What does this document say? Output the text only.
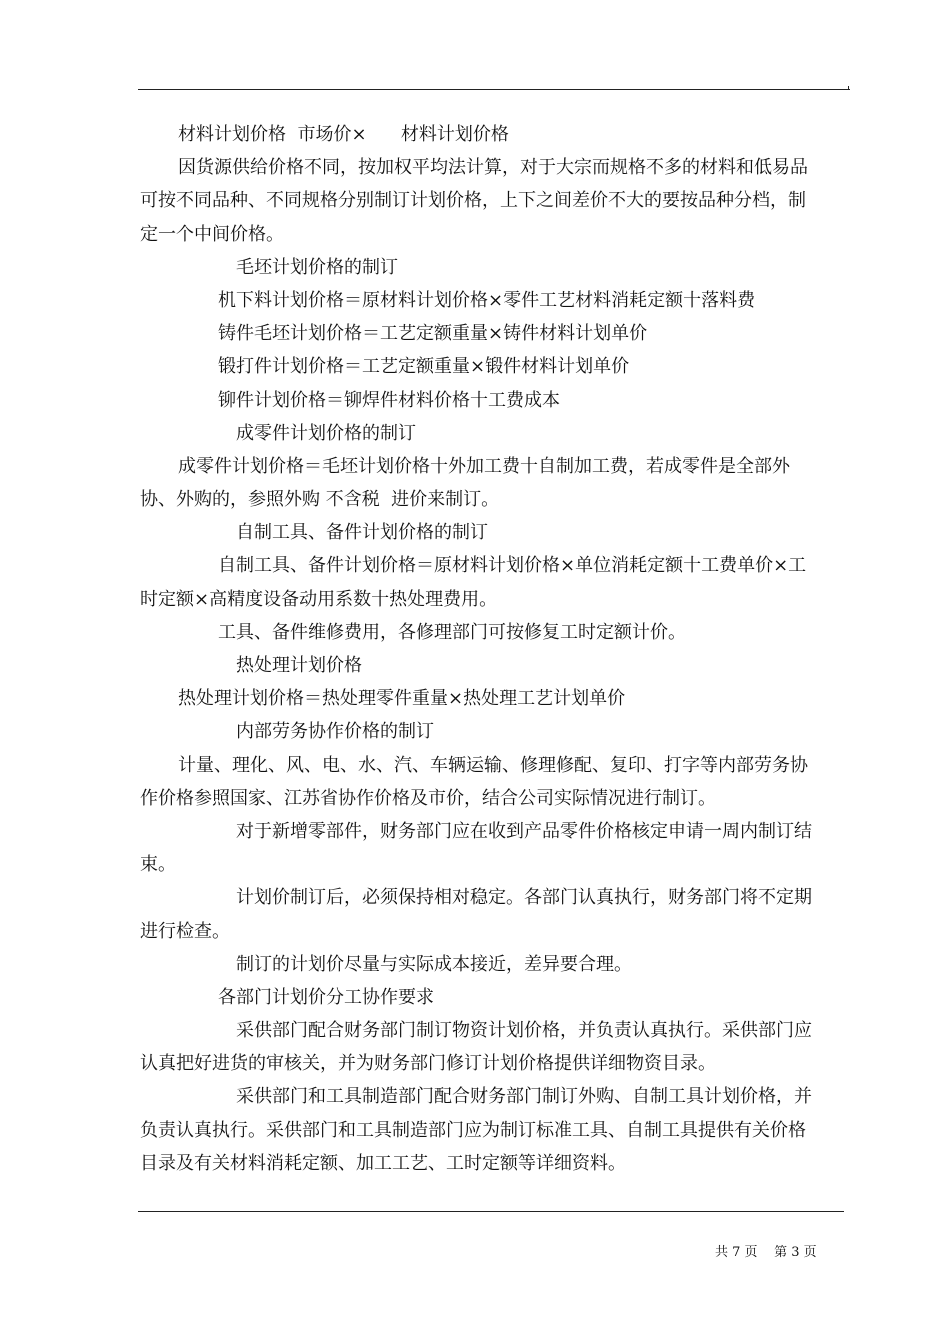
材料计划价格  市场价×      材料计划价格
因货源供给价格不同，按加权平均法计算，对于大宗而规格不多的材料和低易品
可按不同品种、不同规格分别制订计划价格，上下之间差价不大的要按品种分档，制
定一个中间价格。
毛坯计划价格的制订
机下料计划价格＝原材料计划价格×零件工艺材料消耗定额十落料费
铸件毛坯计划价格＝工艺定额重量×铸件材料计划单价
锻打件计划价格＝工艺定额重量×锻件材料计划单价
铆件计划价格＝铆焊件材料价格十工费成本
成零件计划价格的制订
成零件计划价格＝毛坯计划价格十外加工费十自制加工费，若成零件是全部外
协、外购的，参照外购 不含税  进价来制订。
自制工具、备件计划价格的制订
自制工具、备件计划价格＝原材料计划价格×单位消耗定额十工费单价×工
时定额×高精度设备动用系数十热处理费用。
工具、备件维修费用，各修理部门可按修复工时定额计价。
热处理计划价格
热处理计划价格＝热处理零件重量×热处理工艺计划单价
内部劳务协作价格的制订
计量、理化、风、电、水、汽、车辆运输、修理修配、复印、打字等内部劳务协
作价格参照国家、江苏省协作价格及市价，结合公司实际情况进行制订。
对于新增零部件，财务部门应在收到产品零件价格核定申请一周内制订结
束。
计划价制订后，必须保持相对稳定。各部门认真执行，财务部门将不定期
进行检查。
制订的计划价尽量与实际成本接近，差异要合理。
各部门计划价分工协作要求
采供部门配合财务部门制订物资计划价格，并负责认真执行。采供部门应
认真把好进货的审核关，并为财务部门修订计划价格提供详细物资目录。
采供部门和工具制造部门配合财务部门制订外购、自制工具计划价格，并
负责认真执行。采供部门和工具制造部门应为制订标准工具、自制工具提供有关价格
目录及有关材料消耗定额、加工工艺、工时定额等详细资料。
共 7 页    第 3 页
